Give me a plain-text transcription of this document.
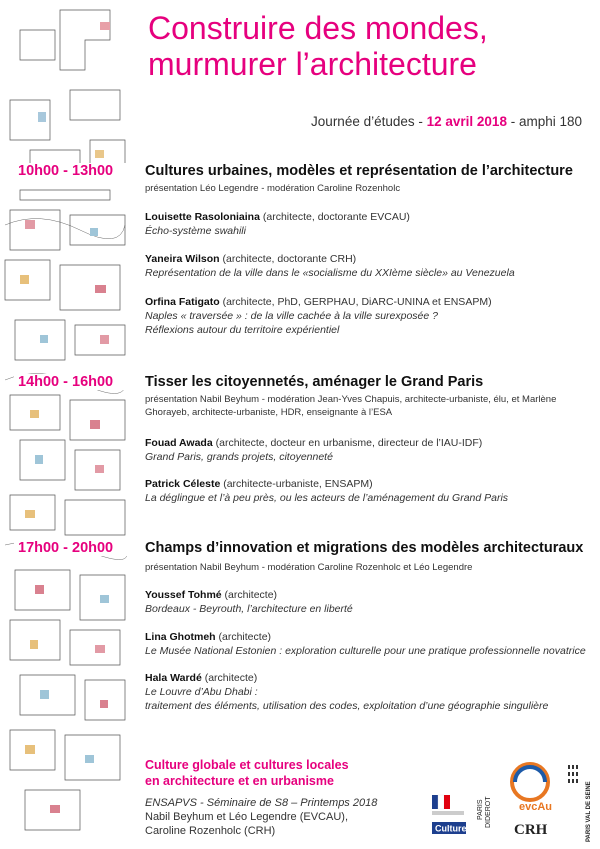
Construire des mondes,
murmurer l’architecture
Journée d’études - 12 avril 2018 - amphi 180
10h00 - 13h00	Cultures urbaines, modèles et représentation de l’architecture
présentation Léo Legendre - modération Caroline Rozenholc
Louisette Rasoloniaina (architecte, doctorante EVCAU)
Écho-système swahili
Yaneira Wilson (architecte, doctorante CRH)
Représentation de la ville dans le «socialisme du XXIème siècle» au Venezuela
Orfina Fatigato (architecte, PhD, GERPHAU, DiARC-UNINA et ENSAPM)
Naples « traversée » : de la ville cachée à la ville surexposée ?
Réflexions autour du territoire expérientiel
14h00 - 16h00	Tisser les citoyennetés, aménager le Grand Paris
présentation Nabil Beyhum - modération Jean-Yves Chapuis, architecte-urbaniste, élu, et Marlène Ghorayeb, architecte-urbaniste, HDR, enseignante à l’ESA
Fouad Awada (architecte, docteur en urbanisme, directeur de l’IAU-IDF)
Grand Paris, grands projets, citoyenneté
Patrick Céleste (architecte-urbaniste, ENSAPM)
La déglingue et l’à peu près, ou les acteurs de l’aménagement du Grand Paris
17h00 - 20h00	Champs d’innovation et migrations des modèles architecturaux
présentation Nabil Beyhum - modération Caroline Rozenholc et Léo Legendre
Youssef Tohmé (architecte)
Bordeaux - Beyrouth, l’architecture en liberté
Lina Ghotmeh (architecte)
Le Musée National Estonien : exploration culturelle pour une pratique professionnelle novatrice
Hala Wardé (architecte)
Le Louvre d’Abu Dhabi :
traitement des éléments, utilisation des codes, exploitation d’une géographie singulière
Culture globale et cultures locales
en architecture et en urbanisme
ENSAPVS - Séminaire de S8 – Printemps 2018
Nabil Beyhum et Léo Legendre (EVCAU),
Caroline Rozenholc (CRH)	Culture
PARIS DIDEROT evcAu
CRH	PARIS VAL DE SEINE
